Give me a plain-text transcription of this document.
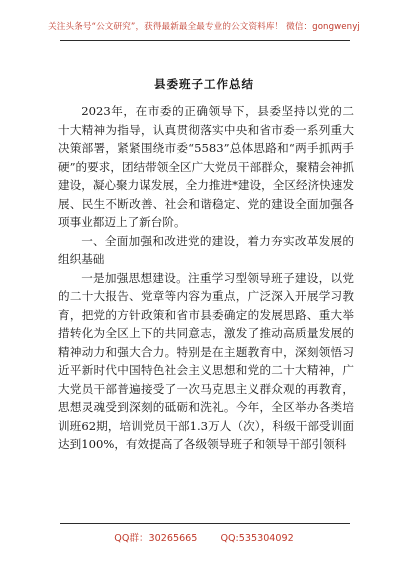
关注头条号“公文研究”，获得最新最全最专业的公文资料库！ 微信：gongwenyj
县委班子工作总结

2023年，在市委的正确领导下，县委坚持以党的二十大精神为指导，认真贯彻落实中央和省市委一系列重大决策部署，紧紧围绕市委“5583”总体思路和“两手抓两手硬”的要求，团结带领全区广大党员干部群众，聚精会神抓建设，凝心聚力谋发展，全力推进*建设，全区经济快速发展、民生不断改善、社会和谐稳定、党的建设全面加强各项事业都迈上了新台阶。

一、全面加强和改进党的建设，着力夯实改革发展的组织基础

一是加强思想建设。注重学习型领导班子建设，以党的二十大报告、党章等内容为重点，广泛深入开展学习教育，把党的方针政策和省市县委确定的发展思路、重大举措转化为全区上下的共同意志，激发了推动高质量发展的精神动力和强大合力。特别是在主题教育中，深刻领悟习近平新时代中国特色社会主义思想和党的二十大精神，广大党员干部普遍接受了一次马克思主义群众观的再教育，思想灵魂受到深刻的砥砺和洗礼。今年，全区举办各类培训班62期，培训党员干部1.3万人（次），科级干部受训面达到100%，有效提高了各级领导班子和领导干部引领科

QQ群：30265665 QQ:535304092
